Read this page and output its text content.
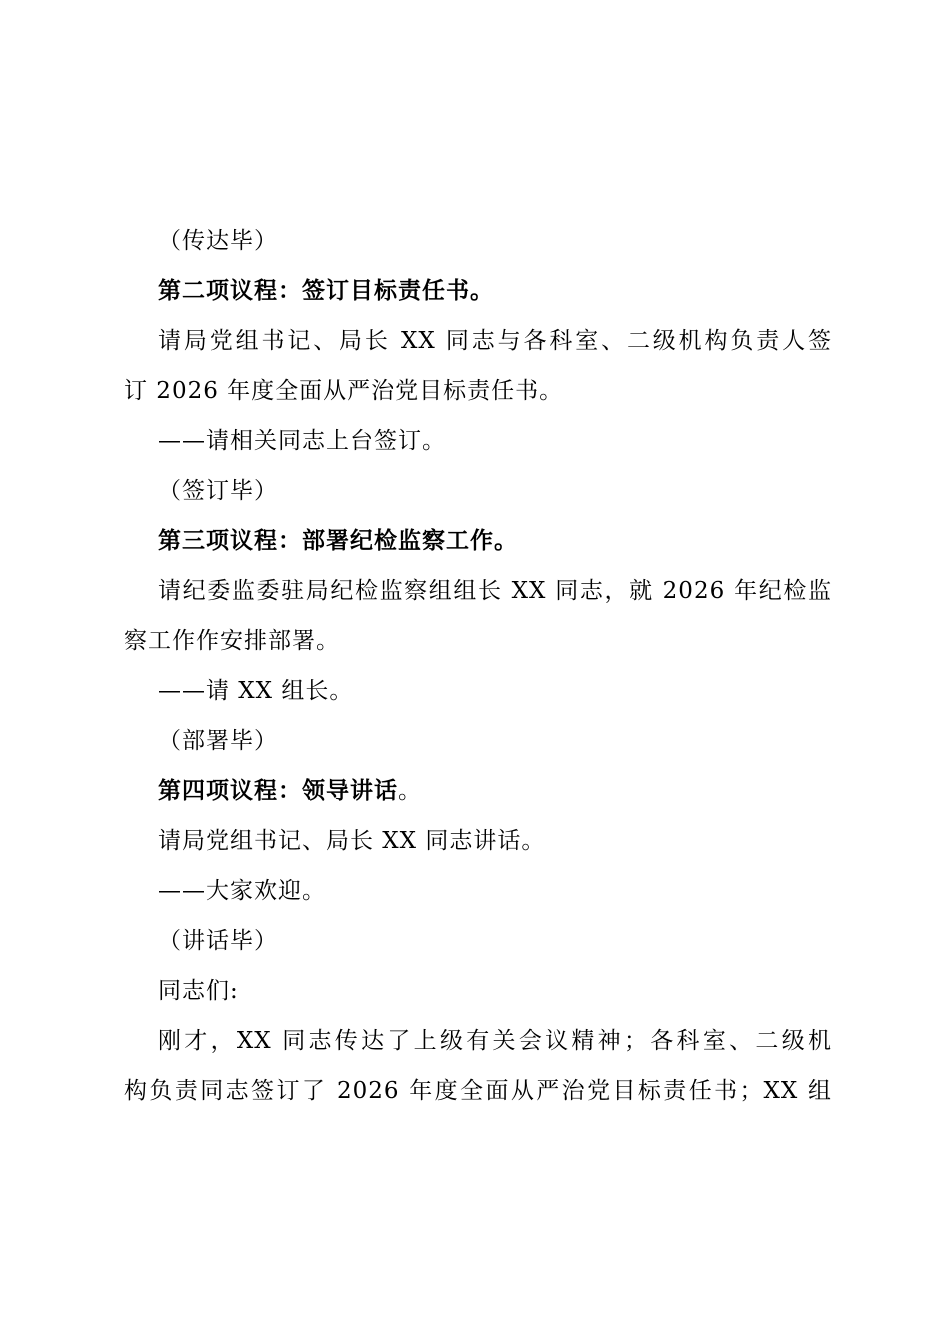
（传达毕）
第二项议程：签订目标责任书。
请局党组书记、局长 XX 同志与各科室、二级机构负责人签
订 2026 年度全面从严治党目标责任书。
——请相关同志上台签订。
（签订毕）
第三项议程：部署纪检监察工作。
请纪委监委驻局纪检监察组组长 XX 同志，就 2026 年纪检监
察工作作安排部署。
——请 XX 组长。
（部署毕）
第四项议程：领导讲话。
请局党组书记、局长 XX 同志讲话。
——大家欢迎。
（讲话毕）
同志们:
刚才，XX 同志传达了上级有关会议精神；各科室、二级机
构负责同志签订了 2026 年度全面从严治党目标责任书；XX 组
